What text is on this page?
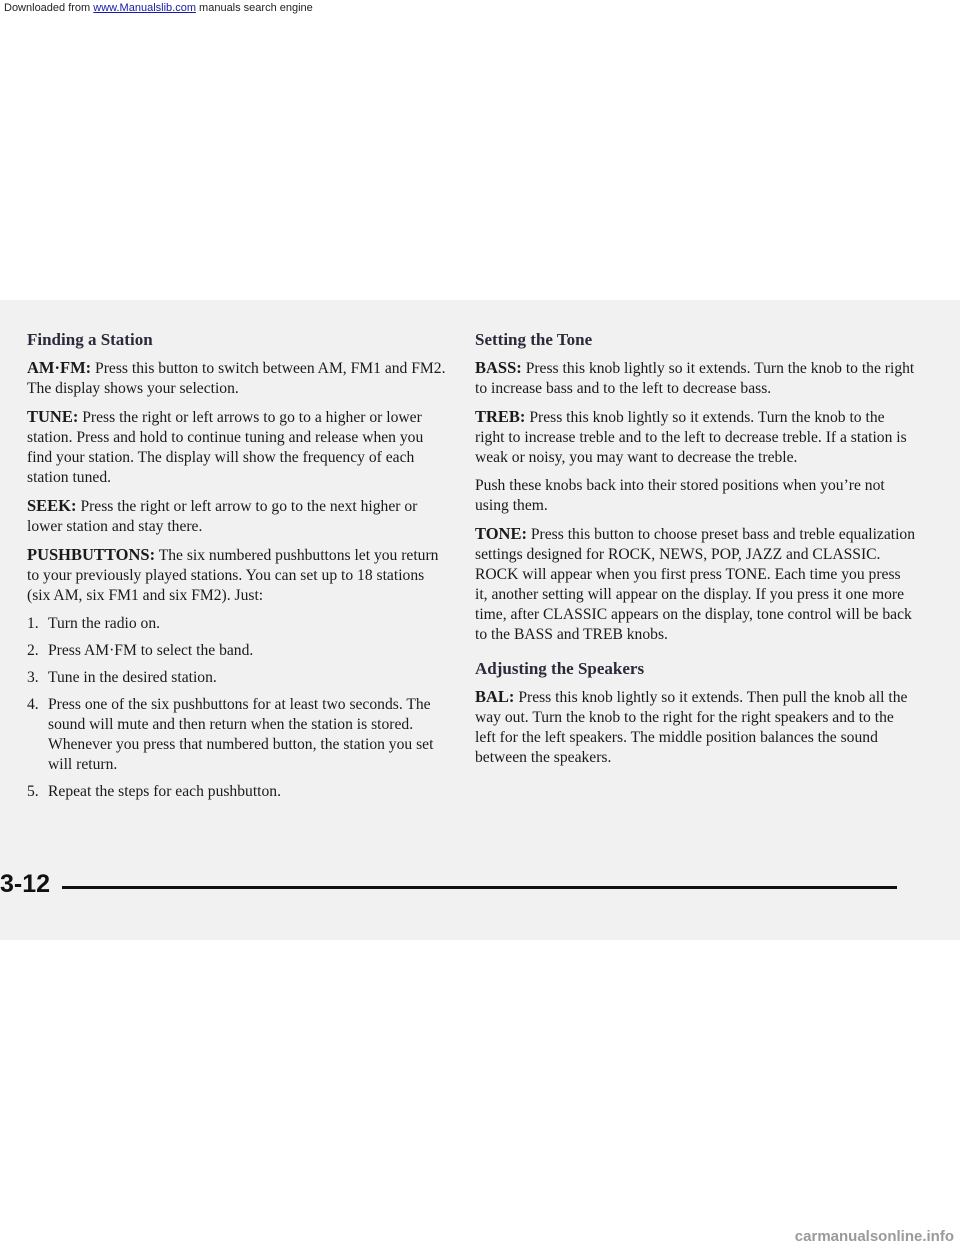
Downloaded from www.Manualslib.com manuals search engine
Finding a Station

AM·FM: Press this button to switch between AM, FM1 and FM2. The display shows your selection.

TUNE: Press the right or left arrows to go to a higher or lower station. Press and hold to continue tuning and release when you find your station. The display will show the frequency of each station tuned.

SEEK: Press the right or left arrow to go to the next higher or lower station and stay there.

PUSHBUTTONS: The six numbered pushbuttons let you return to your previously played stations. You can set up to 18 stations (six AM, six FM1 and six FM2). Just:

1. Turn the radio on.
2. Press AM·FM to select the band.
3. Tune in the desired station.
4. Press one of the six pushbuttons for at least two seconds. The sound will mute and then return when the station is stored. Whenever you press that numbered button, the station you set will return.
5. Repeat the steps for each pushbutton.
Setting the Tone

BASS: Press this knob lightly so it extends. Turn the knob to the right to increase bass and to the left to decrease bass.

TREB: Press this knob lightly so it extends. Turn the knob to the right to increase treble and to the left to decrease treble. If a station is weak or noisy, you may want to decrease the treble.

Push these knobs back into their stored positions when you’re not using them.

TONE: Press this button to choose preset bass and treble equalization settings designed for ROCK, NEWS, POP, JAZZ and CLASSIC. ROCK will appear when you first press TONE. Each time you press it, another setting will appear on the display. If you press it one more time, after CLASSIC appears on the display, tone control will be back to the BASS and TREB knobs.

Adjusting the Speakers

BAL: Press this knob lightly so it extends. Then pull the knob all the way out. Turn the knob to the right for the right speakers and to the left for the left speakers. The middle position balances the sound between the speakers.

3-12
carmanualsonline.info
